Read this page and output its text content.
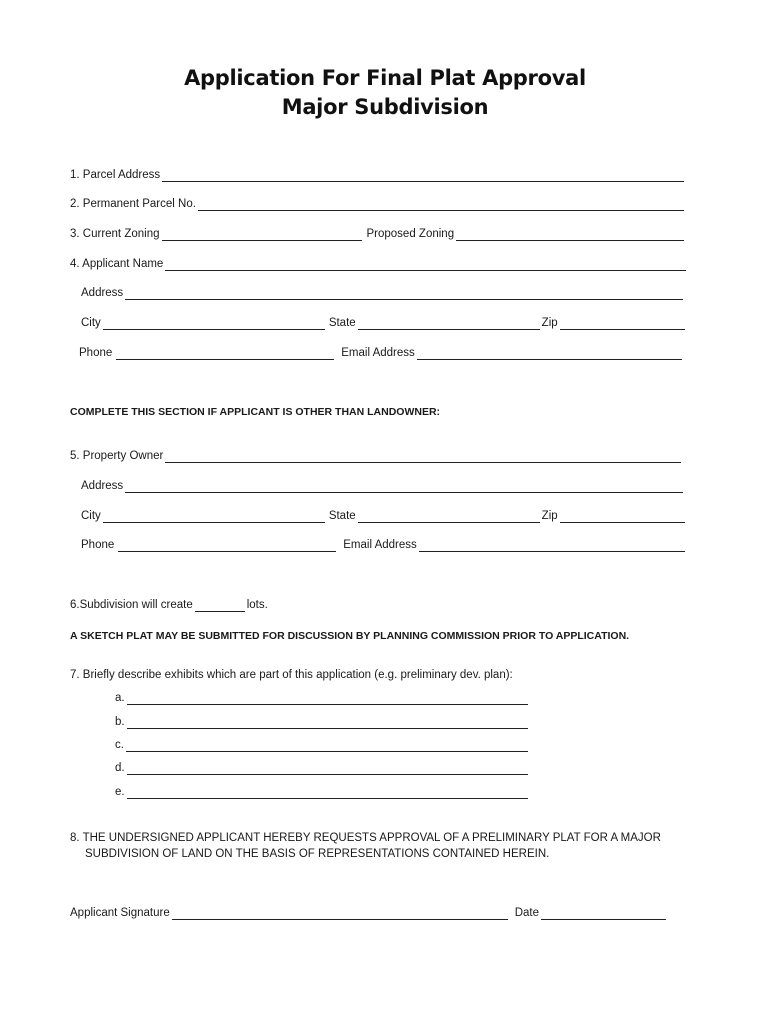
Application For Final Plat Approval
Major Subdivision
1. Parcel Address
2. Permanent Parcel No.
3. Current Zoning	Proposed Zoning
4. Applicant Name
Address
City	State	Zip
Phone	Email Address
COMPLETE THIS SECTION IF APPLICANT IS OTHER THAN LANDOWNER:
5. Property Owner
Address
City	State	Zip
Phone	Email Address
6.Subdivision will create	lots.
A SKETCH PLAT MAY BE SUBMITTED FOR DISCUSSION BY PLANNING COMMISSION PRIOR TO APPLICATION.
7. Briefly describe exhibits which are part of this application (e.g. preliminary dev. plan):
a.
b.
c.
d.
e.
8. THE UNDERSIGNED APPLICANT HEREBY REQUESTS APPROVAL OF A PRELIMINARY PLAT FOR A MAJOR
SUBDIVISION OF LAND ON THE BASIS OF REPRESENTATIONS CONTAINED HEREIN.
Applicant Signature	Date
